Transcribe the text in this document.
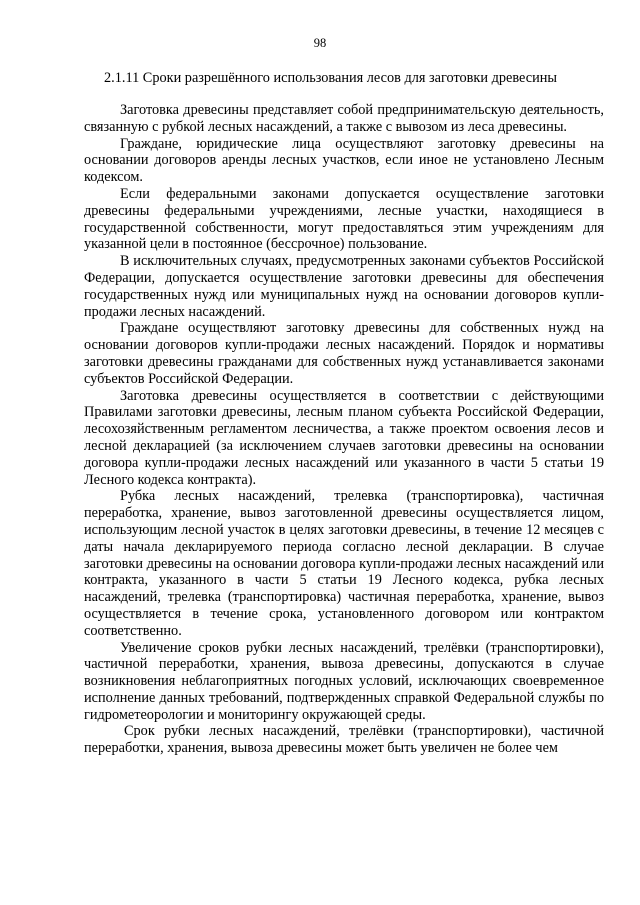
98
2.1.11 Сроки разрешённого использования лесов для заготовки древесины

Заготовка древесины представляет собой предпринимательскую деятельность, связанную с рубкой лесных насаждений, а также с вывозом из леса древесины.

Граждане, юридические лица осуществляют заготовку древесины на основании договоров аренды лесных участков, если иное не установлено Лесным кодексом.

Если федеральными законами допускается осуществление заготовки древесины федеральными учреждениями, лесные участки, находящиеся в государственной собственности, могут предоставляться этим учреждениям для указанной цели в постоянное (бессрочное) пользование.

В исключительных случаях, предусмотренных законами субъектов Российской Федерации, допускается осуществление заготовки древесины для обеспечения государственных нужд или муниципальных нужд на основании договоров купли-продажи лесных насаждений.

Граждане осуществляют заготовку древесины для собственных нужд на основании договоров купли-продажи лесных насаждений. Порядок и нормативы заготовки древесины гражданами для собственных нужд устанавливается законами субъектов Российской Федерации.

Заготовка древесины осуществляется в соответствии с действующими Правилами заготовки древесины, лесным планом субъекта Российской Федерации, лесохозяйственным регламентом лесничества, а также проектом освоения лесов и лесной декларацией (за исключением случаев заготовки древесины на основании договора купли-продажи лесных насаждений или указанного в части 5 статьи 19 Лесного кодекса контракта).

Рубка лесных насаждений, трелевка (транспортировка), частичная переработка, хранение, вывоз заготовленной древесины осуществляется лицом, использующим лесной участок в целях заготовки древесины, в течение 12 месяцев с даты начала декларируемого периода согласно лесной декларации. В случае заготовки древесины на основании договора купли-продажи лесных насаждений или контракта, указанного в части 5 статьи 19 Лесного кодекса, рубка лесных насаждений, трелевка (транспортировка) частичная переработка, хранение, вывоз осуществляется в течение срока, установленного договором или контрактом соответственно.

Увеличение сроков рубки лесных насаждений, трелёвки (транспортировки), частичной переработки, хранения, вывоза древесины, допускаются в случае возникновения неблагоприятных погодных условий, исключающих своевременное исполнение данных требований, подтвержденных справкой Федеральной службы по гидрометеорологии и мониторингу окружающей среды.

Срок рубки лесных насаждений, трелёвки (транспортировки), частичной переработки, хранения, вывоза древесины может быть увеличен не более чем
